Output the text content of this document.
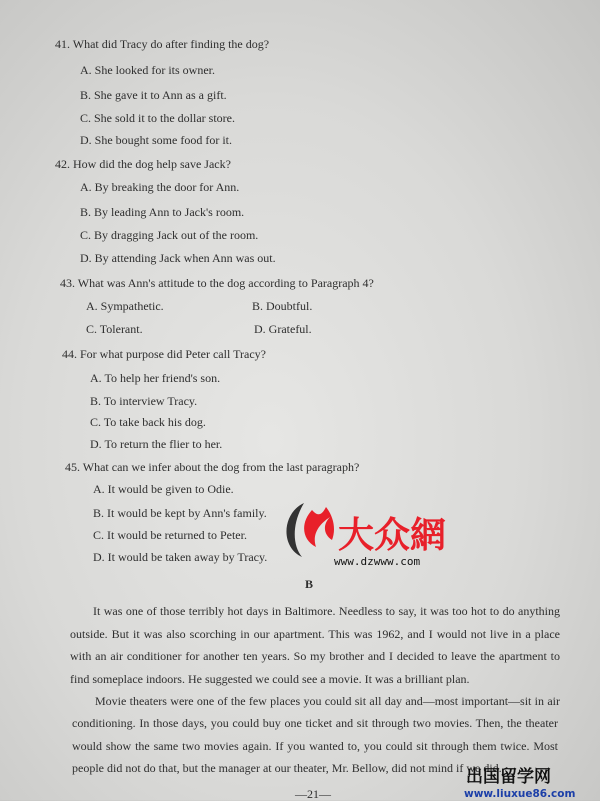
41. What did Tracy do after finding the dog?
A. She looked for its owner.
B. She gave it to Ann as a gift.
C. She sold it to the dollar store.
D. She bought some food for it.
42. How did the dog help save Jack?
A. By breaking the door for Ann.
B. By leading Ann to Jack's room.
C. By dragging Jack out of the room.
D. By attending Jack when Ann was out.
43. What was Ann's attitude to the dog according to Paragraph 4?
A. Sympathetic.	B. Doubtful.
C. Tolerant.	D. Grateful.
44. For what purpose did Peter call Tracy?
A. To help her friend's son.
B. To interview Tracy.
C. To take back his dog.
D. To return the flier to her.
45. What can we infer about the dog from the last paragraph?
A. It would be given to Odie.
B. It would be kept by Ann's family.
C. It would be returned to Peter.
D. It would be taken away by Tracy.
B
It was one of those terribly hot days in Baltimore. Needless to say, it was too hot to do anything
outside. But it was also scorching in our apartment. This was 1962, and I would not live in a place
with an air conditioner for another ten years. So my brother and I decided to leave the apartment to
find someplace indoors. He suggested we could see a movie. It was a brilliant plan.
Movie theaters were one of the few places you could sit all day and—most important—sit in air
conditioning. In those days, you could buy one ticket and sit through two movies. Then, the theater
would show the same two movies again. If you wanted to, you could sit through them twice. Most
people did not do that, but the manager at our theater, Mr. Bellow, did not mind if we did.
—21—
大众網
www.dzwww.com
出国留学网
www.liuxue86.com
